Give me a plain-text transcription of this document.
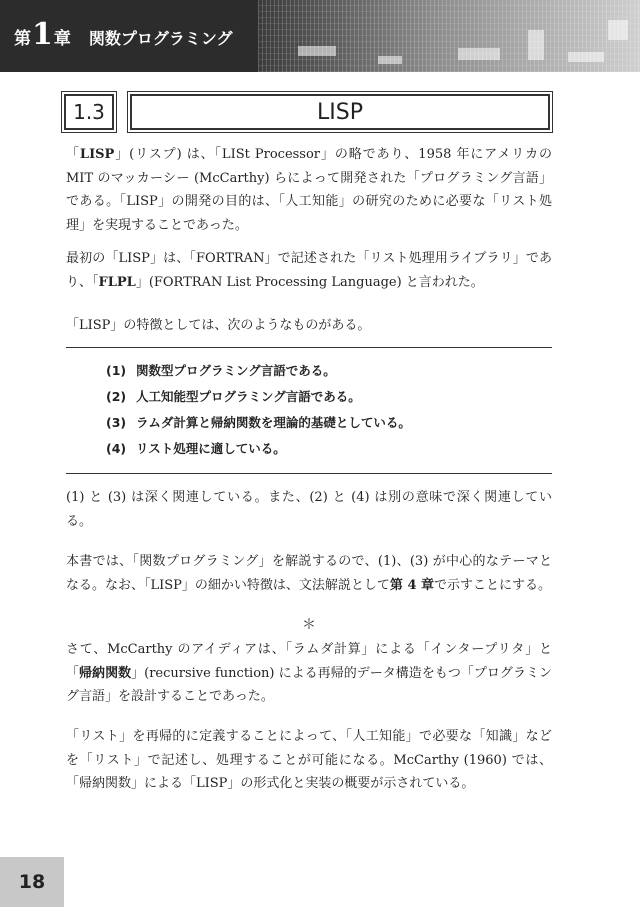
第 1 章 関数プログラミング
1.3	LISP

「LISP」(リスプ) は、「LISt Processor」の略であり、1958 年にアメリカの MIT のマッカーシー (McCarthy) らによって開発された「プログラミング言語」である。「LISP」の開発の目的は、「人工知能」の研究のために必要な「リスト処理」を実現することであった。

最初の「LISP」は、「FORTRAN」で記述された「リスト処理用ライブラリ」であり、「FLPL」(FORTRAN List Processing Language) と言われた。

「LISP」の特徴としては、次のようなものがある。

(1) 関数型プログラミング言語である。
(2) 人工知能型プログラミング言語である。
(3) ラムダ計算と帰納関数を理論的基礎としている。
(4) リスト処理に適している。

(1) と (3) は深く関連している。また、(2) と (4) は別の意味で深く関連している。

本書では、「関数プログラミング」を解説するので、(1)、(3) が中心的なテーマとなる。なお、「LISP」の細かい特徴は、文法解説として第 4 章で示すことにする。

＊

さて、McCarthy のアイディアは、「ラムダ計算」による「インタープリタ」と「帰納関数」(recursive function) による再帰的データ構造をもつ「プログラミング言語」を設計することであった。

「リスト」を再帰的に定義することによって、「人工知能」で必要な「知識」などを「リスト」で記述し、処理することが可能になる。McCarthy (1960) では、「帰納関数」による「LISP」の形式化と実装の概要が示されている。

18
